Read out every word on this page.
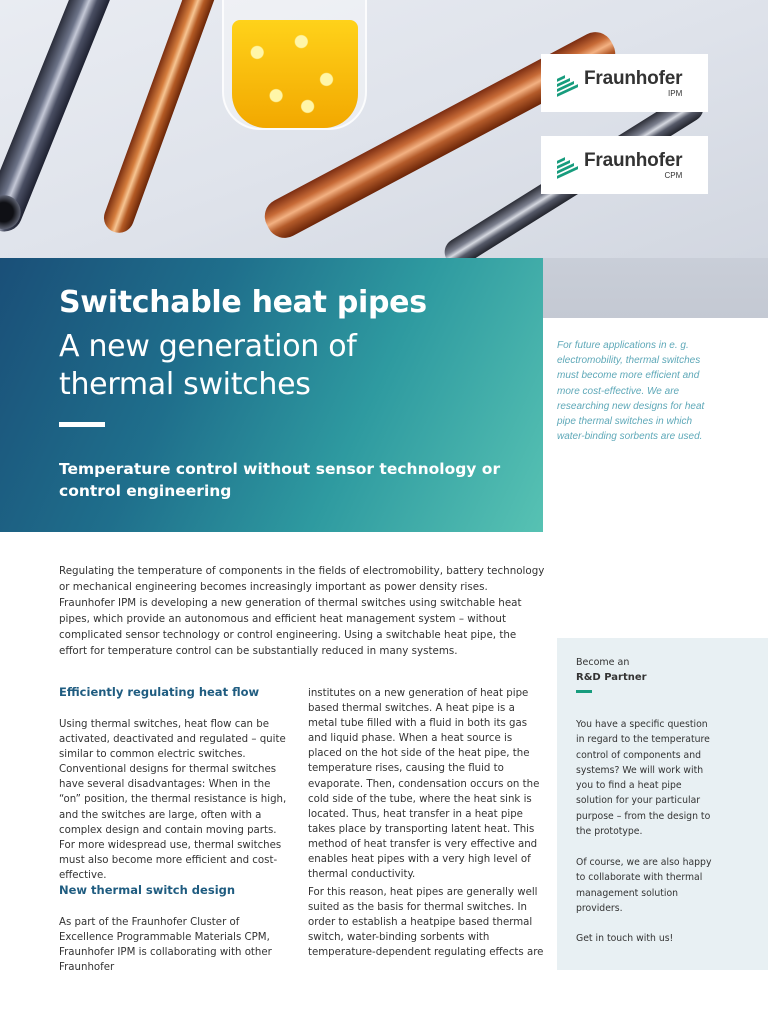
Fraunhofer
IPM
Fraunhofer
CPM
Switchable heat pipes
A new generation of thermal switches
Temperature control without sensor technology or control engineering

For future applications in e. g. electromobility, thermal switches must become more efficient and more cost-effective. We are researching new designs for heat pipe thermal switches in which water-binding sorbents are used.

Regulating the temperature of components in the fields of electromobility, battery technology or mechanical engineering becomes increasingly important as power density rises. Fraunhofer IPM is developing a new generation of thermal switches using switchable heat pipes, which provide an autonomous and efficient heat management system – without complicated sensor technology or control engineering. Using a switchable heat pipe, the effort for temperature control can be substantially reduced in many systems.

Efficiently regulating heat flow

Using thermal switches, heat flow can be activated, deactivated and regulated – quite similar to common electric switches. Conventional designs for thermal switches have several disadvantages: When in the “on” position, the thermal resistance is high, and the switches are large, often with a complex design and contain moving parts. For more widespread use, thermal switches must also become more efficient and cost-effective.

New thermal switch design

As part of the Fraunhofer Cluster of Excellence Programmable Materials CPM, Fraunhofer IPM is collaborating with other Fraunhofer

institutes on a new generation of heat pipe based thermal switches. A heat pipe is a metal tube filled with a fluid in both its gas and liquid phase. When a heat source is placed on the hot side of the heat pipe, the temperature rises, causing the fluid to evaporate. Then, condensation occurs on the cold side of the tube, where the heat sink is located. Thus, heat transfer in a heat pipe takes place by transporting latent heat. This method of heat transfer is very effective and enables heat pipes with a very high level of thermal conductivity.

For this reason, heat pipes are generally well suited as the basis for thermal switches. In order to establish a heatpipe based thermal switch, water-binding sorbents with temperature-dependent regulating effects are

Become an
R&D Partner

You have a specific question in regard to the temperature control of components and systems? We will work with you to find a heat pipe solution for your particular purpose – from the design to the prototype.

Of course, we are also happy to collaborate with thermal management solution providers.

Get in touch with us!
